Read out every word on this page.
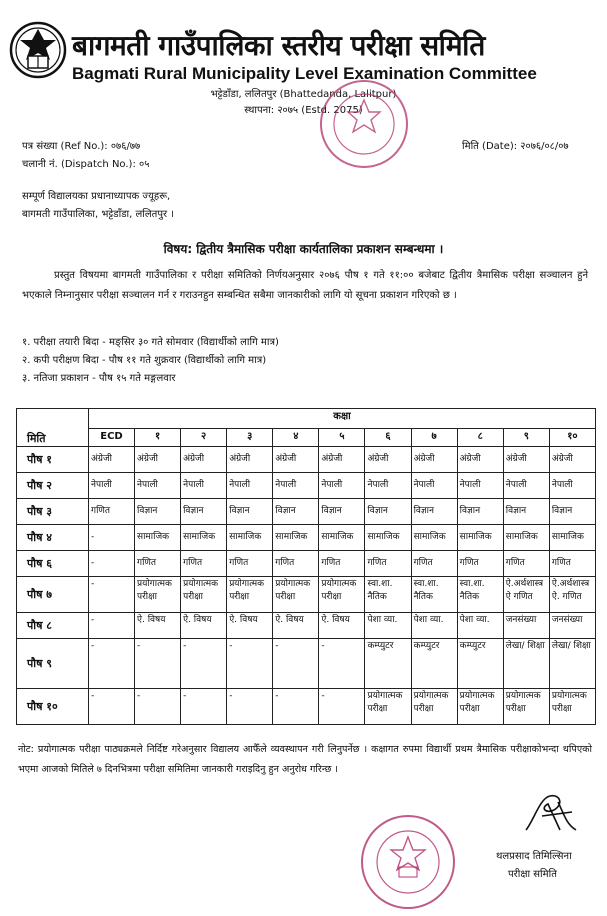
बागमती गाउँपालिका स्तरीय परीक्षा समिति
Bagmati Rural Municipality Level Examination Committee
भट्टेडाँडा, ललितपुर (Bhattedanda, Lalitpur)
स्थापना: २०७५ (Estd. 2075)
पत्र संख्या (Ref No.): ०७६/७७
चलानी नं. (Dispatch No.): ०५
मिति (Date): २०७६/०८/०७
सम्पूर्ण विद्यालयका प्रधानाध्यापक ज्यूहरू,
बागमती गाउँपालिका, भट्टेडाँडा, ललितपुर ।
विषय: द्वितीय त्रैमासिक परीक्षा कार्यतालिका प्रकाशन सम्बन्धमा ।
प्रस्तुत विषयमा बागमती गाउँपालिका र परीक्षा समितिको निर्णयअनुसार २०७६ पौष १ गते ११:०० बजेबाट द्वितीय त्रैमासिक परीक्षा सञ्चालन हुने भएकाले निम्नानुसार परीक्षा सञ्चालन गर्न र गराउनहुन सम्बन्धित सबैमा जानकारीको लागि यो सूचना प्रकाशन गरिएको छ ।
१. परीक्षा तयारी बिदा - मङ्सिर ३० गते सोमवार (विद्यार्थीको लागि मात्र)
२. कपी परीक्षण बिदा - पौष ११ गते शुक्रवार (विद्यार्थीको लागि मात्र)
३. नतिजा प्रकाशन - पौष १५ गते मङ्गलवार
मिति	कक्षा										
	ECD	१	२	३	४	५	६	७	८	९	१०
पौष १	अंग्रेजी	अंग्रेजी	अंग्रेजी	अंग्रेजी	अंग्रेजी	अंग्रेजी	अंग्रेजी	अंग्रेजी	अंग्रेजी	अंग्रेजी	अंग्रेजी
पौष २	नेपाली	नेपाली	नेपाली	नेपाली	नेपाली	नेपाली	नेपाली	नेपाली	नेपाली	नेपाली	नेपाली
पौष ३	गणित	विज्ञान	विज्ञान	विज्ञान	विज्ञान	विज्ञान	विज्ञान	विज्ञान	विज्ञान	विज्ञान	विज्ञान
पौष ४	-	सामाजिक	सामाजिक	सामाजिक	सामाजिक	सामाजिक	सामाजिक	सामाजिक	सामाजिक	सामाजिक	सामाजिक
पौष ६	-	गणित	गणित	गणित	गणित	गणित	गणित	गणित	गणित	गणित	गणित
पौष ७	-	प्रयोगात्मक परीक्षा	प्रयोगात्मक परीक्षा	प्रयोगात्मक परीक्षा	प्रयोगात्मक परीक्षा	प्रयोगात्मक परीक्षा	स्वा.शा. नैतिक	स्वा.शा. नैतिक	स्वा.शा. नैतिक	ऐ.अर्थशास्त्र ऐ गणित	ऐ.अर्थशास्त्र ऐ. गणित
पौष ८	-	ऐ. विषय	ऐ. विषय	ऐ. विषय	ऐ. विषय	ऐ. विषय	पेशा व्या.	पेशा व्या.	पेशा व्या.	जनसंख्या	जनसंख्या
पौष ९	-	-	-	-	-	-	कम्प्युटर	कम्प्युटर	कम्प्युटर	लेखा/ शिक्षा	लेखा/ शिक्षा
पौष १०	-	-	-	-	-	-	प्रयोगात्मक परीक्षा	प्रयोगात्मक परीक्षा	प्रयोगात्मक परीक्षा	प्रयोगात्मक परीक्षा	प्रयोगात्मक परीक्षा
नोट: प्रयोगात्मक परीक्षा पाठ्यक्रमले निर्दिष्ट गरेअनुसार विद्यालय आफैँले व्यवस्थापन गरी लिनुपर्नेछ । कक्षागत रुपमा विद्यार्थी प्रथम त्रैमासिक परीक्षाकोभन्दा थपिएको भएमा आजको मितिले ७ दिनभित्रमा परीक्षा समितिमा जानकारी गराइदिनु हुन अनुरोध गरिन्छ ।
थलप्रसाद तिमिल्सिना
परीक्षा समिति
